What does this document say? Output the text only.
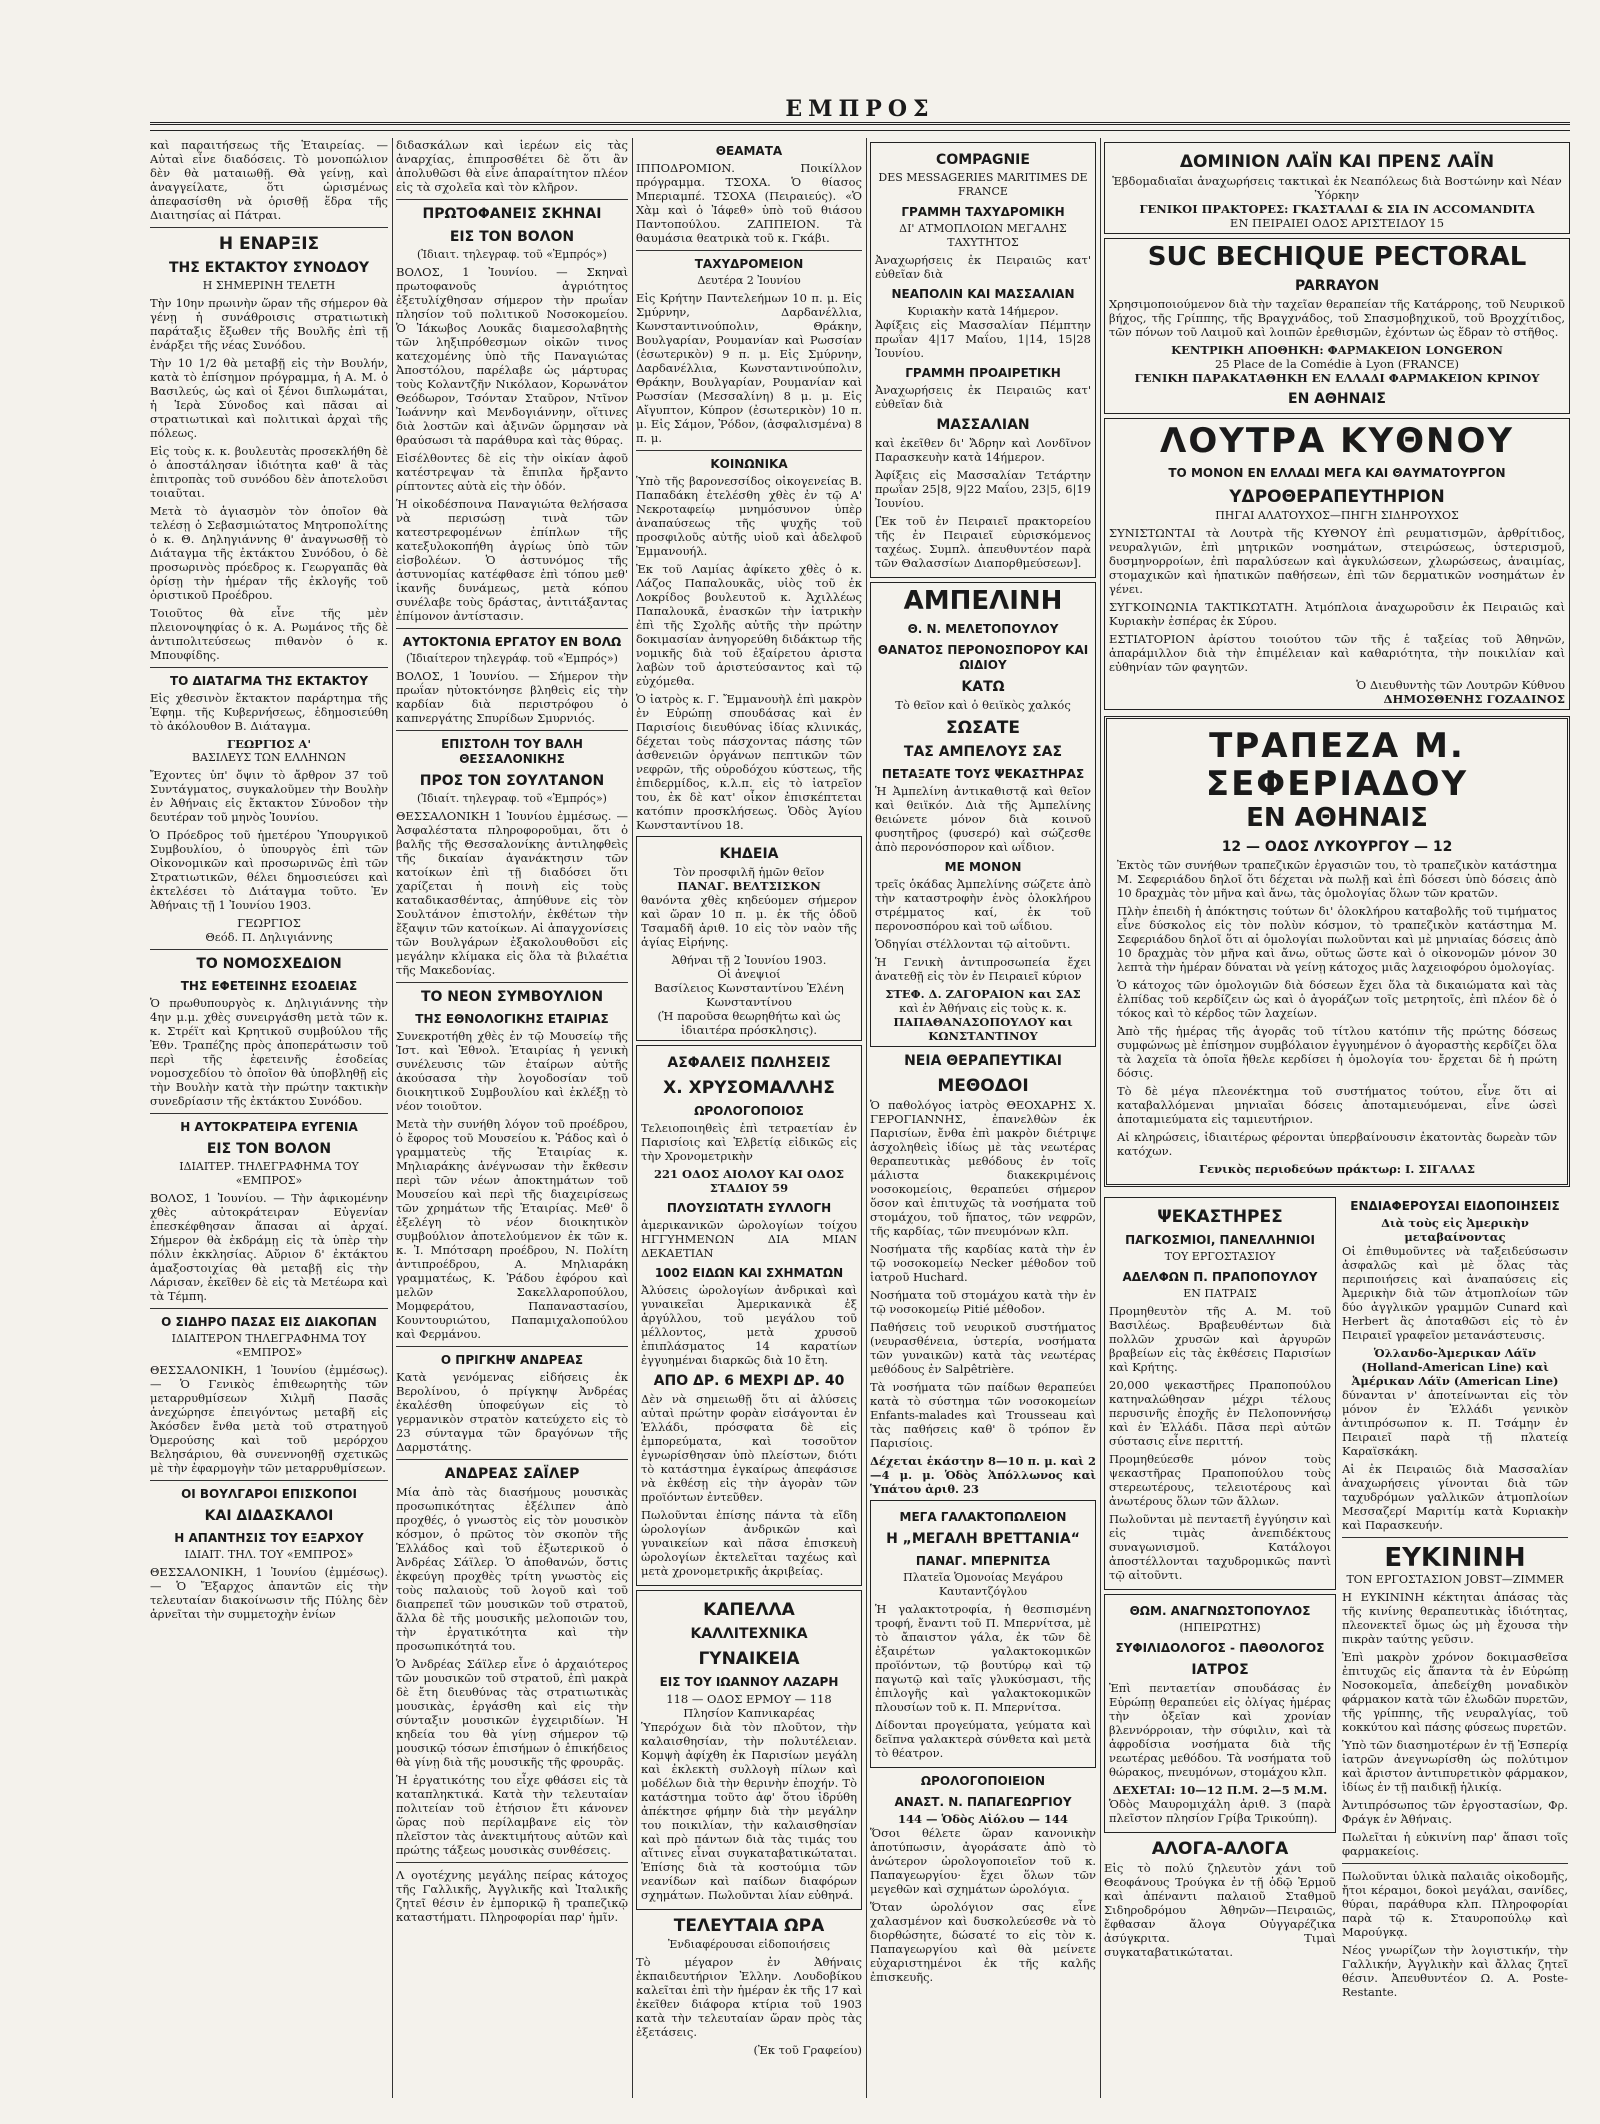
ΕΜΠΡΟΣ

καὶ παραιτήσεως τῆς Ἑταιρείας. — Αὐταὶ εἶνε διαδόσεις. Τὸ μονοπώλιον δὲν θὰ ματαιωθῇ. Θὰ γείνῃ, καὶ ἀναγγείλατε, ὅτι ὡρισμένως ἀπεφασίσθη νὰ ὁρισθῇ ἕδρα τῆς Διαιτησίας αἱ Πάτραι.

Η ΕΝΑΡΞΙΣ
ΤΗΣ ΕΚΤΑΚΤΟΥ ΣΥΝΟΔΟΥ
Η ΣΗΜΕΡΙΝΗ ΤΕΛΕΤΗ

Τὴν 10ην πρωινὴν ὥραν τῆς σήμερον θὰ γένῃ ἡ συνάθροισις στρατιωτικὴ παράταξις ἔξωθεν τῆς Βουλῆς ἐπὶ τῇ ἐνάρξει τῆς νέας Συνόδου.

Τὴν 10 1/2 θὰ μεταβῇ εἰς τὴν Βουλήν, κατὰ τὸ ἐπίσημον πρόγραμμα, ἡ Α. Μ. ὁ Βασιλεύς, ὡς καὶ οἱ ξένοι διπλωμάται, ἡ Ἱερὰ Σύνοδος καὶ πᾶσαι αἱ στρατιωτικαὶ καὶ πολιτικαὶ ἀρχαὶ τῆς πόλεως.

Εἰς τοὺς κ. κ. βουλευτὰς προσεκλήθη δὲ ὁ ἀποστάλησαν ἰδιότητα καθ' ἃ τὰς ἐπιτροπὰς τοῦ συνόδου δὲν ἀποτελοῦσι τοιαῦται.

Μετὰ τὸ ἁγιασμὸν τὸν ὁποῖον θὰ τελέσῃ ὁ Σεβασμιώτατος Μητροπολίτης ὁ κ. Θ. Δηληγιάννης θ' ἀναγνωσθῇ τὸ Διάταγμα τῆς ἐκτάκτου Συνόδου, ὁ δὲ προσωρινὸς πρόεδρος κ. Γεωργαπᾶς θὰ ὁρίσῃ τὴν ἡμέραν τῆς ἐκλογῆς τοῦ ὁριστικοῦ Προέδρου.

Τοιοῦτος θὰ εἶνε τῆς μὲν πλειονοψηφίας ὁ κ. Α. Ρωμάνος τῆς δὲ ἀντιπολιτεύσεως πιθανὸν ὁ κ. Μπουφίδης.

ΤΟ ΔΙΑΤΑΓΜΑ ΤΗΣ ΕΚΤΑΚΤΟΥ

Εἰς χθεσινὸν ἔκτακτον παράρτημα τῆς Ἐφημ. τῆς Κυβερνήσεως, ἐδημοσιεύθη τὸ ἀκόλουθον Β. Διάταγμα.

ΓΕΩΡΓΙΟΣ Α'
ΒΑΣΙΛΕΥΣ ΤΩΝ ΕΛΛΗΝΩΝ

Ἔχοντες ὑπ' ὄψιν τὸ ἄρθρον 37 τοῦ Συντάγματος, συγκαλοῦμεν τὴν Βουλὴν ἐν Ἀθήναις εἰς ἔκτακτον Σύνοδον τὴν δευτέραν τοῦ μηνὸς Ἰουνίου.

Ὁ Πρόεδρος τοῦ ἡμετέρου Ὑπουργικοῦ Συμβουλίου, ὁ ὑπουργὸς ἐπὶ τῶν Οἰκονομικῶν καὶ προσωρινῶς ἐπὶ τῶν Στρατιωτικῶν, θέλει δημοσιεύσει καὶ ἐκτελέσει τὸ Διάταγμα τοῦτο. Ἐν Ἀθήναις τῇ 1 Ἰουνίου 1903.

ΓΕΩΡΓΙΟΣ
Θεόδ. Π. Δηλιγιάννης
ΤΟ ΝΟΜΟΣΧΕΔΙΟΝ
ΤΗΣ ΕΦΕΤΕΙΝΗΣ ΕΣΟΔΕΙΑΣ

Ὁ πρωθυπουργὸς κ. Δηλιγιάννης τὴν 4ην μ.μ. χθὲς συνειργάσθη μετὰ τῶν κ. κ. Στρέϊτ καὶ Κρητικοῦ συμβούλου τῆς Ἐθν. Τραπέζης πρὸς ἀποπεράτωσιν τοῦ περὶ τῆς ἐφετεινῆς ἐσοδείας νομοσχεδίου τὸ ὁποῖον θὰ ὑποβληθῇ εἰς τὴν Βουλὴν κατὰ τὴν πρώτην τακτικὴν συνεδρίασιν τῆς ἐκτάκτου Συνόδου.

Η ΑΥΤΟΚΡΑΤΕΙΡΑ ΕΥΓΕΝΙΑ
ΕΙΣ ΤΟΝ ΒΟΛΟΝ
ΙΔΙΑΙΤΕΡ. ΤΗΛΕΓΡΑΦΗΜΑ ΤΟΥ «ΕΜΠΡΟΣ»

ΒΟΛΟΣ, 1 Ἰουνίου. — Τὴν ἀφικομένην χθὲς αὐτοκράτειραν Εὐγενίαν ἐπεσκέφθησαν ἅπασαι αἱ ἀρχαί. Σήμερον θὰ ἐκδράμῃ εἰς τὰ ὑπὲρ τὴν πόλιν ἐκκλησίας. Αὔριον δ' ἐκτάκτου ἁμαξοστοιχίας θὰ μεταβῇ εἰς τὴν Λάρισαν, ἐκεῖθεν δὲ εἰς τὰ Μετέωρα καὶ τὰ Τέμπη.

Ο ΣΙΔΗΡΟ ΠΑΣΑΣ ΕΙΣ ΔΙΑΚΟΠΑΝ
ΙΔΙΑΙΤΕΡΟΝ ΤΗΛΕΓΡΑΦΗΜΑ ΤΟΥ «ΕΜΠΡΟΣ»

ΘΕΣΣΑΛΟΝΙΚΗ, 1 Ἰουνίου (ἐμμέσως). — Ὁ Γενικὸς ἐπιθεωρητὴς τῶν μεταρρυθμίσεων Χιλμῆ Πασᾶς ἀνεχώρησε ἐπειγόντως μεταβῆ εἰς Ἀκόσδεν ἔνθα μετὰ τοῦ στρατηγοῦ Ὀμερούσης καὶ τοῦ μερόρχου Βελησάριου, θὰ συνεννοηθῇ σχετικῶς μὲ τὴν ἐφαρμογὴν τῶν μεταρρυθμίσεων.

ΟΙ ΒΟΥΛΓΑΡΟΙ ΕΠΙΣΚΟΠΟΙ
ΚΑΙ ΔΙΔΑΣΚΑΛΟΙ
Η ΑΠΑΝΤΗΣΙΣ ΤΟΥ ΕΞΑΡΧΟΥ
ΙΔΙΑΙΤ. ΤΗΛ. ΤΟΥ «ΕΜΠΡΟΣ»

ΘΕΣΣΑΛΟΝΙΚΗ, 1 Ἰουνίου (ἐμμέσως). — Ὁ Ἔξαρχος ἀπαντῶν εἰς τὴν τελευταίαν διακοίνωσιν τῆς Πύλης δὲν ἀρνεῖται τὴν συμμετοχὴν ἐνίων

διδασκάλων καὶ ἱερέων εἰς τὰς ἀναρχίας, ἐπιπροσθέτει δὲ ὅτι ἂν ἀπολυθῶσι θὰ εἶνε ἀπαραίτητον πλέον εἰς τὰ σχολεῖα καὶ τὸν κλῆρον.

ΠΡΩΤΟΦΑΝΕΙΣ ΣΚΗΝΑΙ
ΕΙΣ ΤΟΝ ΒΟΛΟΝ
(Ἰδιαιτ. τηλεγραφ. τοῦ «Ἐμπρός»)

ΒΟΛΟΣ, 1 Ἰουνίου. — Σκηναὶ πρωτοφανοῦς ἀγριότητος ἐξετυλίχθησαν σήμερον τὴν πρωΐαν πλησίον τοῦ πολιτικοῦ Νοσοκομείου. Ὁ Ἰάκωβος Λουκᾶς διαμεσολαβητὴς τῶν ληξιπρόθεσμων οἰκῶν τινος κατεχομένης ὑπὸ τῆς Παναγιώτας Ἀποστόλου, παρέλαβε ὡς μάρτυρας τοὺς Κολαντζῆν Νικόλαον, Κορωνάτον Θεόδωρον, Τσόνταν Σταῦρον, Ντῖνον Ἰωάννην καὶ Μενδογιάννην, οἵτινες διὰ λοστῶν καὶ ἀξινῶν ὥρμησαν νὰ θραύσωσι τὰ παράθυρα καὶ τὰς θύρας.

Εἰσέλθοντες δὲ εἰς τὴν οἰκίαν ἀφοῦ κατέστρεψαν τὰ ἔπιπλα ἤρξαντο ρίπτοντες αὐτὰ εἰς τὴν ὁδόν.

Ἡ οἰκοδέσποινα Παναγιώτα θελήσασα νὰ περισώσῃ τινὰ τῶν κατεστρεφομένων ἐπίπλων τῆς κατεξυλοκοπήθη ἀγρίως ὑπὸ τῶν εἰσβολέων. Ὁ ἀστυνόμος τῆς ἀστυνομίας κατέφθασε ἐπὶ τόπου μεθ' ἱκανῆς δυνάμεως, μετὰ κόπου συνέλαβε τοὺς δράστας, ἀντιτάξαντας ἐπίμονον ἀντίστασιν.

ΑΥΤΟΚΤΟΝΙΑ ΕΡΓΑΤΟΥ ΕΝ ΒΟΛΩ
(Ἰδιαίτερον τηλεγράφ. τοῦ «Ἐμπρός»)

ΒΟΛΟΣ, 1 Ἰουνίου. — Σήμερον τὴν πρωΐαν ηὐτοκτόνησε βληθεὶς εἰς τὴν καρδίαν διὰ περιστρόφου ὁ καπνεργάτης Σπυρίδων Σμυρνιός.

ΕΠΙΣΤΟΛΗ ΤΟΥ ΒΑΛΗ ΘΕΣΣΑΛΟΝΙΚΗΣ
ΠΡΟΣ ΤΟΝ ΣΟΥΛΤΑΝΟΝ
(Ἰδιαίτ. τηλεγραφ. τοῦ «Ἐμπρός»)

ΘΕΣΣΑΛΟΝΙΚΗ 1 Ἰουνίου ἐμμέσως. — Ἀσφαλέστατα πληροφοροῦμαι, ὅτι ὁ βαλῆς τῆς Θεσσαλονίκης ἀντιληφθεὶς τῆς δικαίαν ἀγανάκτησιν τῶν κατοίκων ἐπὶ τῇ διαδόσει ὅτι χαρίζεται ἡ ποινὴ εἰς τοὺς καταδικασθέντας, ἀπηύθυνε εἰς τὸν Σουλτάνον ἐπιστολήν, ἐκθέτων τὴν ἔξαψιν τῶν κατοίκων. Αἱ ἀπαγχονίσεις τῶν Βουλγάρων ἐξακολουθοῦσι εἰς μεγάλην κλίμακα εἰς ὅλα τὰ βιλαέτια τῆς Μακεδονίας.

ΤΟ ΝΕΟΝ ΣΥΜΒΟΥΛΙΟΝ
ΤΗΣ ΕΘΝΟΛΟΓΙΚΗΣ ΕΤΑΙΡΙΑΣ

Συνεκροτήθη χθὲς ἐν τῷ Μουσείῳ τῆς Ἱστ. καὶ Ἐθνολ. Ἑταιρίας ἡ γενικὴ συνέλευσις τῶν ἑταίρων αὐτῆς ἀκούσασα τὴν λογοδοσίαν τοῦ διοικητικοῦ Συμβουλίου καὶ ἐκλέξῃ τὸ νέον τοιοῦτον.

Μετὰ τὴν συνήθη λόγον τοῦ προέδρου, ὁ ἔφορος τοῦ Μουσείου κ. Ῥάδος καὶ ὁ γραμματεὺς τῆς Ἑταιρίας κ. Μηλιαράκης ἀνέγνωσαν τὴν ἔκθεσιν περὶ τῶν νέων ἀποκτημάτων τοῦ Μουσείου καὶ περὶ τῆς διαχειρίσεως τῶν χρημάτων τῆς Ἑταιρίας. Μεθ' ὃ ἐξελέγη τὸ νέον διοικητικὸν συμβούλιον ἀποτελούμενον ἐκ τῶν κ. κ. Ἰ. Μπότσαρη προέδρου, Ν. Πολίτη ἀντιπροέδρου, Α. Μηλιαράκη γραμματέως, Κ. Ῥάδου ἐφόρου καὶ μελῶν Σακελλαροπούλου, Μομφεράτου, Παπαναστασίου, Κουντουριώτου, Παπαμιχαλοπούλου καὶ Φερμάνου.

Ο ΠΡΙΓΚΗΨ ΑΝΔΡΕΑΣ

Κατὰ γενόμενας εἰδήσεις ἐκ Βερολίνου, ὁ πρίγκηψ Ἀνδρέας ἐκαλέσθη ὑποφεύγων εἰς τὸ γερμανικὸν στρατὸν κατεύχετο εἰς τὸ 23 σύνταγμα τῶν δραγόνων τῆς Δαρμστάτης.

ΑΝΔΡΕΑΣ ΣΑΪΛΕΡ

Μία ἀπὸ τὰς διασήμους μουσικὰς προσωπικότητας ἐξέλιπεν ἀπὸ προχθές, ὁ γνωστὸς εἰς τὸν μουσικὸν κόσμον, ὁ πρῶτος τὸν σκοπὸν τῆς Ἑλλάδος καὶ τοῦ ἐξωτερικοῦ ὁ Ἀνδρέας Σάϊλερ. Ὁ ἀποθανών, ὅστις ἐκφεύγη προχθὲς τρίτη γνωστὸς εἰς τοὺς παλαιοὺς τοῦ λογοῦ καὶ τοῦ διαπρεπεῖ τῶν μουσικῶν τοῦ στρατοῦ, ἄλλα δὲ τῆς μουσικῆς μελοποιῶν του, τὴν ἐργατικότητα καὶ τὴν προσωπικότητά του.

Ὁ Ἀνδρέας Σάϊλερ εἶνε ὁ ἀρχαιότερος τῶν μουσικῶν τοῦ στρατοῦ, ἐπὶ μακρὰ δὲ ἔτη διευθύνας τὰς στρατιωτικὰς μουσικὰς, ἐργάσθη καὶ εἰς τὴν σύνταξιν μουσικῶν ἐγχειριδίων. Ἡ κηδεία του θὰ γίνῃ σήμερον τῷ μουσικῷ τόσων ἐπισήμων ὁ ἐπικήδειος θὰ γίνῃ διὰ τῆς μουσικῆς τῆς φρουρᾶς.

Ἡ ἐργατικότης του εἶχε φθάσει εἰς τὰ καταπληκτικά. Κατὰ τὴν τελευταίαν πολιτείαν τοῦ ἐτήσιον ἔτι κάνονεν ὥρας ποὺ περίλαμβανε εἰς τὸν πλεῖστον τὰς ἀνεκτιμήτους αὐτῶν καὶ πρώτης τάξεως μουσικὰς συνθέσεις.

Λ ογοτέχνης μεγάλης πείρας κάτοχος τῆς Γαλλικῆς, Ἀγγλικῆς καὶ Ἰταλικῆς ζητεῖ θέσιν ἐν ἐμπορικῷ ἢ τραπεζικῷ καταστήματι. Πληροφορίαι παρ' ἡμῖν.

ΘΕΑΜΑΤΑ

ΙΠΠΟΔΡΟΜΙΟΝ. Ποικίλλον πρόγραμμα. ΤΣΟΧΑ. Ὁ θίασος Μπεριαμπέ. ΤΣΟΧΑ (Πειραιεύς). «Ὁ Χὰμ καὶ ὁ Ἰάφεθ» ὑπὸ τοῦ θιάσου Παντοπούλου. ΖΑΠΠΕΙΟΝ. Τὰ θαυμάσια θεατρικὰ τοῦ κ. Γκάβι.

ΤΑΧΥΔΡΟΜΕΙΟΝ
Δευτέρα 2 Ἰουνίου

Εἰς Κρήτην Παντελεήμων 10 π. μ. Εἰς Σμύρνην, Δαρδανέλλια, Κωνσταντινούπολιν, Θράκην, Βουλγαρίαν, Ρουμανίαν καὶ Ρωσσίαν (ἐσωτερικὸν) 9 π. μ. Εἰς Σμύρνην, Δαρδανέλλια, Κωνσταντινούπολιν, Θράκην, Βουλγαρίαν, Ρουμανίαν καὶ Ρωσσίαν (Μεσσαλίνη) 8 μ. μ. Εἰς Αἴγυπτον, Κύπρον (ἐσωτερικὸν) 10 π. μ. Εἰς Σάμον, Ῥόδον, (ἀσφαλισμένα) 8 π. μ.

ΚΟΙΝΩΝΙΚΑ

Ὑπὸ τῆς βαρονεσσίδος οἰκογενείας Β. Παπαδάκη ἐτελέσθη χθὲς ἐν τῷ Α' Νεκροταφείῳ μνημόσυνον ὑπὲρ ἀναπαύσεως τῆς ψυχῆς τοῦ προσφιλοῦς αὐτῆς υἱοῦ καὶ ἀδελφοῦ Ἐμμανουήλ.

Ἐκ τοῦ Λαμίας ἀφίκετο χθὲς ὁ κ. Λάζος Παπαλουκᾶς, υἱὸς τοῦ ἐκ Λοκρίδος βουλευτοῦ κ. Ἀχιλλέως Παπαλουκᾶ, ἐνασκῶν τὴν ἰατρικὴν ἐπὶ τῆς Σχολῆς αὐτῆς τὴν πρώτην δοκιμασίαν ἀνηγορεύθη διδάκτωρ τῆς νομικῆς διὰ τοῦ ἐξαίρετου ἀριστα λαβὼν τοῦ ἀριστεύσαντος καὶ τῷ εὐχόμεθα.

Ὁ ἰατρὸς κ. Γ. Ἔμμανουὴλ ἐπὶ μακρὸν ἐν Εὐρώπῃ σπουδάσας καὶ ἐν Παρισίοις διευθύνας ἰδίας κλινικάς, δέχεται τοὺς πάσχοντας πάσης τῶν ἀσθενειῶν ὀργάνων πεπτικῶν τῶν νεφρῶν, τῆς οὐροδόχου κύστεως, τῆς ἐπιδερμίδος, κ.λ.π. εἰς τὸ ἰατρεῖον του, ἐκ δὲ κατ' οἶκον ἐπισκέπτεται κατόπιν προσκλήσεως. Ὁδὸς Ἁγίου Κωνσταντίνου 18.

ΚΗΔΕΙΑ
Τὸν προσφιλῆ ἡμῶν θεῖον
ΠΑΝΑΓ. ΒΕΛΤΣΙΣΚΟΝ

θανόντα χθὲς κηδεύομεν σήμερον καὶ ὥραν 10 π. μ. ἐκ τῆς ὁδοῦ Τσαμαδῆ ἀριθ. 10 εἰς τὸν ναὸν τῆς ἁγίας Εἰρήνης.

Ἀθήναι τῇ 2 Ἰουνίου 1903.
Οἱ ἀνεψιοί
Βασίλειος Κωνσταντίνου Ἑλένη Κωνσταντίνου
(Ἡ παροῦσα θεωρηθήτω καὶ ὡς ἰδιαιτέρα πρόσκλησις).
ΑΣΦΑΛΕΙΣ ΠΩΛΗΣΕΙΣ
Χ. ΧΡΥΣΟΜΑΛΛΗΣ
ΩΡΟΛΟΓΟΠΟΙΟΣ

Τελειοποιηθεὶς ἐπὶ τετραετίαν ἐν Παρισίοις καὶ Ἑλβετίᾳ εἰδικῶς εἰς τὴν Χρονομετρικὴν

221 ΟΔΟΣ ΑΙΟΛΟΥ ΚΑΙ ΟΔΟΣ ΣΤΑΔΙΟΥ 59
ΠΛΟΥΣΙΩΤΑΤΗ ΣΥΛΛΟΓΗ

ἀμερικανικῶν ὡρολογίων τοίχου ΗΓΓΥΗΜΕΝΩΝ ΔΙΑ ΜΙΑΝ ΔΕΚΑΕΤΙΑΝ

1002 ΕΙΔΩΝ ΚΑΙ ΣΧΗΜΑΤΩΝ

Ἀλύσεις ὡρολογίων ἀνδρικαὶ καὶ γυναικεῖαι Ἀμερικανικὰ ἐξ ἀργύλλου, τοῦ μεγάλου τοῦ μέλλοντος, μετὰ χρυσοῦ ἐπιπλάσματος 14 καρατίων ἐγγυημέναι διαρκῶς διὰ 10 ἔτη.

ΑΠΟ ΔΡ. 6 ΜΕΧΡΙ ΔΡ. 40

Δὲν νὰ σημειωθῇ ὅτι αἱ ἀλύσεις αὐταὶ πρώτην φορὰν εἰσάγονται ἐν Ἑλλάδι, πρόσφατα δὲ εἰς ἐμπορεύματα, καὶ τοσοῦτον ἐγνωρίσθησαν ὑπὸ πλείστων, διότι τὸ κατάστημα ἐγκαίρως ἀπεφάσισε νὰ ἐκθέσῃ εἰς τὴν ἀγορὰν τῶν προϊόντων ἐντεῦθεν.

Πωλοῦνται ἐπίσης πάντα τὰ εἴδη ὡρολογίων ἀνδρικῶν καὶ γυναικείων καὶ πᾶσα ἐπισκευὴ ὡρολογίων ἐκτελεῖται ταχέως καὶ μετὰ χρονομετρικῆς ἀκριβείας.

ΚΑΠΕΛΛΑ
ΚΑΛΛΙΤΕΧΝΙΚΑ
ΓΥΝΑΙΚΕΙΑ
ΕΙΣ ΤΟΥ ΙΩΑΝΝΟΥ ΛΑΖΑΡΗ
118 — ΟΔΟΣ ΕΡΜΟΥ — 118
Πλησίον Καπνικαρέας

Ὑπερόχων διὰ τὸν πλοῦτον, τὴν καλαισθησίαν, τὴν πολυτέλειαν. Κομψὴ ἀφίχθη ἐκ Παρισίων μεγάλη καὶ ἐκλεκτὴ συλλογὴ πίλων καὶ μοδέλων διὰ τὴν θερινὴν ἐποχήν. Τὸ κατάστημα τοῦτο ἀφ' ὅτου ἱδρύθη ἀπέκτησε φήμην διὰ τὴν μεγάλην του ποικιλίαν, τὴν καλαισθησίαν καὶ πρὸ πάντων διὰ τὰς τιμάς του αἵτινες εἶναι συγκαταβατικώταται. Ἐπίσης διὰ τὰ κοστούμια τῶν νεανίδων καὶ παίδων διαφόρων σχημάτων. Πωλοῦνται λίαν εὐθηνά.

ΤΕΛΕΥΤΑΙΑ ΩΡΑ
Ἐνδιαφέρουσαι εἰδοποιήσεις

Τὸ μέγαρον ἐν Ἀθήναις ἐκπαιδευτήριον Ἑλλην. Λουδοβίκου καλεῖται ἐπὶ τὴν ἡμέραν ἐκ τῆς 17 καὶ ἐκεῖθεν διάφορα κτίρια τοῦ 1903 κατὰ τὴν τελευταίαν ὥραν πρὸς τὰς ἐξετάσεις.

(Ἐκ τοῦ Γραφείου)
COMPAGNIE
DES MESSAGERIES MARITIMES DE FRANCE
ΓΡΑΜΜΗ ΤΑΧΥΔΡΟΜΙΚΗ
ΔΙ' ΑΤΜΟΠΛΟΙΩΝ ΜΕΓΑΛΗΣ ΤΑΧΥΤΗΤΟΣ

Ἀναχωρήσεις ἐκ Πειραιῶς κατ' εὐθεῖαν διὰ

ΝΕΑΠΟΛΙΝ ΚΑΙ ΜΑΣΣΑΛΙΑΝ
Κυριακὴν κατὰ 14ήμερον.

Ἀφίξεις εἰς Μασσαλίαν Πέμπτην πρωΐαν 4|17 Μαΐου, 1|14, 15|28 Ἰουνίου.

ΓΡΑΜΜΗ ΠΡΟΑΙΡΕΤΙΚΗ

Ἀναχωρήσεις ἐκ Πειραιῶς κατ' εὐθεῖαν διὰ

ΜΑΣΣΑΛΙΑΝ

καὶ ἐκεῖθεν δι' Ἄδρην καὶ Λονδῖνον Παρασκευὴν κατὰ 14ήμερον.

Ἀφίξεις εἰς Μασσαλίαν Τετάρτην πρωΐαν 25|8, 9|22 Μαΐου, 23|5, 6|19 Ἰουνίου.

[Ἐκ τοῦ ἐν Πειραιεῖ πρακτορείου τῆς ἐν Πειραιεῖ εὑρισκόμενος ταχέως. Συμπλ. ἀπευθυντέον παρὰ τῶν Θαλασσίων Διαπορθμεύσεων].

ΑΜΠΕΛΙΝΗ
Θ. Ν. ΜΕΛΕΤΟΠΟΥΛΟΥ
ΘΑΝΑΤΟΣ ΠΕΡΟΝΟΣΠΟΡΟΥ ΚΑΙ ΩΙΔΙΟΥ
ΚΑΤΩ
Τὸ θεῖον καὶ ὁ θειϊκὸς χαλκός
ΣΩΣΑΤΕ
ΤΑΣ ΑΜΠΕΛΟΥΣ ΣΑΣ
ΠΕΤΑΞΑΤΕ ΤΟΥΣ ΨΕΚΑΣΤΗΡΑΣ

Ἡ Ἀμπελίνη ἀντικαθιστᾷ καὶ θεῖον καὶ θειϊκόν. Διὰ τῆς Ἀμπελίνης θειώνετε μόνον διὰ κοινοῦ φυσητῆρος (φυσερό) καὶ σώζεσθε ἀπὸ περονόσπορον καὶ ωΐδιον.

ΜΕ ΜΟΝΟΝ

τρεῖς ὁκάδας Ἀμπελίνης σώζετε ἀπὸ τὴν καταστροφὴν ἑνὸς ὁλοκλήρου στρέμματος καί, ἐκ τοῦ περονοσπόρου καὶ τοῦ ωΐδιου.

Ὁδηγίαι στέλλονται τῷ αἰτοῦντι.

Ἡ Γενικὴ ἀντιπροσωπεία ἔχει ἀνατεθῇ εἰς τὸν ἐν Πειραιεῖ κύριον

ΣΤΕΦ. Δ. ΖΑΓΟΡΑΙΟΝ και ΣΑΣ
καὶ ἐν Ἀθήναις εἰς τοὺς κ. κ.
ΠΑΠΑΘΑΝΑΣΟΠΟΥΛΟΥ και ΚΩΝΣΤΑΝΤΙΝΟΥ
ΝΕΙΑ ΘΕΡΑΠΕΥΤΙΚΑΙ
ΜΕΘΟΔΟΙ

Ὁ παθολόγος ἰατρὸς ΘΕΟΧΑΡΗΣ Χ. ΓΕΡΟΓΙΑΝΝΗΣ, ἐπανελθὼν ἐκ Παρισίων, ἔνθα ἐπὶ μακρὸν διέτριψε ἀσχοληθεὶς ἰδίως μὲ τὰς νεωτέρας θεραπευτικὰς μεθόδους ἐν τοῖς μάλιστα διακεκριμένοις νοσοκομείοις, θεραπεύει σήμερον ὅσον καὶ ἐπιτυχῶς τὰ νοσήματα τοῦ στομάχου, τοῦ ἥπατος, τῶν νεφρῶν, τῆς καρδίας, τῶν πνευμόνων κλπ.

Νοσήματα τῆς καρδίας κατὰ τὴν ἐν τῷ νοσοκομείῳ Necker μέθοδον τοῦ ἰατροῦ Huchard.

Νοσήματα τοῦ στομάχου κατὰ τὴν ἐν τῷ νοσοκομείῳ Pitié μέθοδον.

Παθήσεις τοῦ νευρικοῦ συστήματος (νευρασθένεια, ὑστερία, νοσήματα τῶν γυναικῶν) κατὰ τὰς νεωτέρας μεθόδους ἐν Salpêtrière.

Τὰ νοσήματα τῶν παίδων θεραπεύει κατὰ τὸ σύστημα τῶν νοσοκομείων Enfants-malades καὶ Trousseau καὶ τὰς παθήσεις καθ' ὃ τρόπον ἔν Παρισίοις.

Δέχεται ἑκάστην 8—10 π. μ. καὶ 2—4 μ. μ. Ὁδὸς Ἀπόλλωνος καὶ Ὑπάτου ἀριθ. 23

ΜΕΓΑ ΓΑΛΑΚΤΟΠΩΛΕΙΟΝ
Η „ΜΕΓΑΛΗ ΒΡΕΤΤΑΝΙΑ“
ΠΑΝΑΓ. ΜΠΕΡΝΙΤΣΑ
Πλατεῖα Ὁμονοίας Μεγάρου Καυταντζόγλου

Ἡ γαλακτοτροφία, ἡ θεσπισμένη τροφή, ἔναντι τοῦ Π. Μπερνίτσα, μὲ τὸ ἄπαιστον γάλα, ἐκ τῶν δὲ ἐξαιρέτων γαλακτοκομικῶν προϊόντων, τῷ βουτύρῳ καὶ τῷ παγωτῷ καὶ ταῖς γλυκύσμασι, τῆς ἐπιλογῆς καὶ γαλακτοκομικῶν πλουσίων τοῦ κ. Π. Μπερνίτσα.

Δίδονται προγεύματα, γεύματα καὶ δεῖπνα γαλακτερὰ σύνθετα καὶ μετὰ τὸ θέατρον.

ΩΡΟΛΟΓΟΠΟΙΕΙΟΝ
ΑΝΑΣΤ. Ν. ΠΑΠΑΓΕΩΡΓΙΟΥ
144 — Ὁδὸς Αἰόλου — 144

Ὅσοι θέλετε ὥραν κανονικὴν ἀποτύπωσιν, ἀγοράσατε ἀπὸ τὸ ἀνώτερον ὡρολογοποιεῖον τοῦ κ. Παπαγεωργίου· ἔχει ὅλων τῶν μεγεθῶν καὶ σχημάτων ὡρολόγια.

Ὅταν ὡρολόγιον σας εἶνε χαλασμένον καὶ δυσκολεύεσθε νὰ τὸ διορθώσητε, δώσατέ το εἰς τὸν κ. Παπαγεωργίου καὶ θὰ μείνετε εὐχαριστημένοι ἐκ τῆς καλῆς ἐπισκευῆς.

ΔΟΜΙΝΙΟΝ ΛΑΪΝ ΚΑΙ ΠΡΕΝΣ ΛΑΪΝ
Ἑβδομαδιαῖαι ἀναχωρήσεις τακτικαὶ ἐκ Νεαπόλεως διὰ Βοστώνην καὶ Νέαν Ὑόρκην
ΓΕΝΙΚΟΙ ΠΡΑΚΤΟΡΕΣ: ΓΚΑΣΤΑΛΔΙ & ΣΙΑ ΙΝ ACCOMANDITA
ΕΝ ΠΕΙΡΑΙΕΙ ΟΔΟΣ ΑΡΙΣΤΕΙΔΟΥ 15
SUC BECHIQUE PECTORAL
PARRAYON

Χρησιμοποιούμενον διὰ τὴν ταχεῖαν θεραπείαν τῆς Κατάρροης, τοῦ Νευρικοῦ βήχος, τῆς Γρίππης, τῆς Βραγχνάδος, τοῦ Σπασμοβηχικοῦ, τοῦ Βροχχίτιδος, τῶν πόνων τοῦ Λαιμοῦ καὶ λοιπῶν ἐρεθισμῶν, ἐχόντων ὡς ἕδραν τὸ στῆθος.

ΚΕΝΤΡΙΚΗ ΑΠΟΘΗΚΗ: ΦΑΡΜΑΚΕΙΟΝ LONGERON
25 Place de la Comédie à Lyon (FRANCE)
ΓΕΝΙΚΗ ΠΑΡΑΚΑΤΑΘΗΚΗ ΕΝ ΕΛΛΑΔΙ ΦΑΡΜΑΚΕΙΟΝ ΚΡΙΝΟΥ
ΕΝ ΑΘΗΝΑΙΣ
ΛΟΥΤΡΑ ΚΥΘΝΟΥ
ΤΟ ΜΟΝΟΝ ΕΝ ΕΛΛΑΔΙ ΜΕΓΑ ΚΑΙ ΘΑΥΜΑΤΟΥΡΓΟΝ
ΥΔΡΟΘΕΡΑΠΕΥΤΗΡΙΟΝ
ΠΗΓΑΙ ΑΛΑΤΟΥΧΟΣ—ΠΗΓΗ ΣΙΔΗΡΟΥΧΟΣ

ΣΥΝΙΣΤΩΝΤΑΙ τὰ Λουτρὰ τῆς ΚΥΘΝΟΥ ἐπὶ ρευματισμῶν, ἀρθρίτιδος, νευραλγιῶν, ἐπὶ μητρικῶν νοσημάτων, στειρώσεως, ὑστερισμοῦ, δυσμηνορροίων, ἐπὶ παραλύσεων καὶ ἀγκυλώσεων, χλωρώσεως, ἀναιμίας, στομαχικῶν καὶ ἡπατικῶν παθήσεων, ἐπὶ τῶν δερματικῶν νοσημάτων ἐν γένει.

ΣΥΓΚΟΙΝΩΝΙΑ ΤΑΚΤΙΚΩΤΑΤΗ. Ἀτμόπλοια ἀναχωροῦσιν ἐκ Πειραιῶς καὶ Κυριακὴν ἑσπέρας ἐκ Σύρου.

ΕΣΤΙΑΤΟΡΙΟΝ ἀρίστου τοιούτου τῶν τῆς ἑ ταξείας τοῦ Ἀθηνῶν, ἀπαράμιλλον διὰ τὴν ἐπιμέλειαν καὶ καθαριότητα, τὴν ποικιλίαν καὶ εὐθηνίαν τῶν φαγητῶν.

Ὁ Διευθυντὴς τῶν Λουτρῶν Κύθνου
ΔΗΜΟΣΘΕΝΗΣ ΓΟΖΑΔΙΝΟΣ
ΤΡΑΠΕΖΑ Μ. ΣΕΦΕΡΙΑΔΟΥ
ΕΝ ΑΘΗΝΑΙΣ
12 — ΟΔΟΣ ΛΥΚΟΥΡΓΟΥ — 12

Ἐκτὸς τῶν συνήθων τραπεζικῶν ἐργασιῶν του, τὸ τραπεζικὸν κατάστημα Μ. Σεφεριάδου δηλοῖ ὅτι δέχεται νὰ πωλῇ καὶ ἐπὶ δόσεσι ὑπὸ δόσεις ἀπὸ 10 δραχμὰς τὸν μῆνα καὶ ἄνω, τὰς ὁμολογίας ὅλων τῶν κρατῶν.

Πλὴν ἐπειδὴ ἡ ἀπόκτησις τούτων δι' ὁλοκλήρου καταβολῆς τοῦ τιμήματος εἶνε δύσκολος εἰς τὸν πολὺν κόσμον, τὸ τραπεζικὸν κατάστημα Μ. Σεφεριάδου δηλοῖ ὅτι αἱ ὁμολογίαι πωλοῦνται καὶ μὲ μηνιαίας δόσεις ἀπὸ 10 δραχμὰς τὸν μῆνα καὶ ἄνω, οὕτως ὥστε καὶ ὁ οἰκονομῶν μόνον 30 λεπτὰ τὴν ἡμέραν δύναται νὰ γείνῃ κάτοχος μιᾶς λαχειοφόρου ὁμολογίας.

Ὁ κάτοχος τῶν ὁμολογιῶν διὰ δόσεων ἔχει ὅλα τὰ δικαιώματα καὶ τὰς ἐλπίδας τοῦ κερδίζειν ὡς καὶ ὁ ἀγοράζων τοῖς μετρητοῖς, ἐπὶ πλέον δὲ ὁ τόκος καὶ τὸ κέρδος τῶν λαχείων.

Ἀπὸ τῆς ἡμέρας τῆς ἀγορᾶς τοῦ τίτλου κατόπιν τῆς πρώτης δόσεως συμφώνως μὲ ἐπίσημον συμβόλαιον ἐγγυημένον ὁ ἀγοραστὴς κερδίζει ὅλα τὰ λαχεῖα τὰ ὁποῖα ἤθελε κερδίσει ἡ ὁμολογία του· ἔρχεται δὲ ἡ πρώτη δόσις.

Τὸ δὲ μέγα πλεονέκτημα τοῦ συστήματος τούτου, εἶνε ὅτι αἱ καταβαλλόμεναι μηνιαῖαι δόσεις ἀποταμιευόμεναι, εἶνε ὡσεὶ ἀποταμιεύματα εἰς ταμιευτήριον.

Αἱ κληρώσεις, ἰδιαιτέρως φέρονται ὑπερβαίνουσιν ἐκατοντὰς δωρεὰν τῶν κατόχων.

Γενικὸς περιοδεύων πράκτωρ: Ι. ΣΙΓΑΛΑΣ
ΨΕΚΑΣΤΗΡΕΣ
ΠΑΓΚΟΣΜΙΟΙ, ΠΑΝΕΛΛΗΝΙΟΙ
ΤΟΥ ΕΡΓΟΣΤΑΣΙΟΥ
ΑΔΕΛΦΩΝ Π. ΠΡΑΠΟΠΟΥΛΟΥ
ΕΝ ΠΑΤΡΑΙΣ

Προμηθευτὸν τῆς Α. Μ. τοῦ Βασιλέως. Βραβευθέντων διὰ πολλῶν χρυσῶν καὶ ἀργυρῶν βραβείων εἰς τὰς ἐκθέσεις Παρισίων καὶ Κρήτης.

20,000 ψεκαστῆρες Πραποπούλου κατηναλώθησαν μέχρι τέλους περυσινῆς ἐποχῆς ἐν Πελοποννήσῳ καὶ ἐν Ἑλλάδι. Πᾶσα περὶ αὐτῶν σύστασις εἶνε περιττή.

Προμηθεύεσθε μόνον τοὺς ψεκαστῆρας Πραποπούλου τοὺς στερεωτέρους, τελειοτέρους καὶ ἀνωτέρους ὅλων τῶν ἄλλων.

Πωλοῦνται μὲ πενταετῆ ἐγγύησιν καὶ εἰς τιμὰς ἀνεπιδέκτους συναγωνισμοῦ. Κατάλογοι ἀποστέλλονται ταχυδρομικῶς παντὶ τῷ αἰτοῦντι.

ΘΩΜ. ΑΝΑΓΝΩΣΤΟΠΟΥΛΟΣ
(ΗΠΕΙΡΩΤΗΣ)
ΣΥΦΙΛΙΔΟΛΟΓΟΣ - ΠΑΘΟΛΟΓΟΣ
ΙΑΤΡΟΣ

Ἐπὶ πενταετίαν σπουδάσας ἐν Εὐρώπῃ θεραπεύει εἰς ὀλίγας ἡμέρας τὴν ὀξεῖαν καὶ χρονίαν βλεννόρροιαν, τὴν σύφιλιν, καὶ τὰ ἀφροδίσια νοσήματα διὰ τῆς νεωτέρας μεθόδου. Τὰ νοσήματα τοῦ θώρακος, πνευμόνων, στομάχου κλπ.

ΔΕΧΕΤΑΙ: 10—12 Π.Μ. 2—5 Μ.Μ.

Ὁδὸς Μαυρομιχάλη ἀριθ. 3 (παρὰ πλεῖστον πλησίον Γρίβα Τρικούπη).

ΑΛΟΓΑ-ΑΛΟΓΑ

Εἰς τὸ πολύ ζηλευτὸν χάνι τοῦ Θεοφάνους Τρούγκα ἐν τῇ ὁδῷ Ἑρμοῦ καὶ ἀπέναντι παλαιοῦ Σταθμοῦ Σιδηροδρόμου Ἀθηνῶν—Πειραιῶς, ἔφθασαν ἄλογα Οὐγγαρέζικα ἀσύγκριτα. Τιμαὶ συγκαταβατικώταται.

ΕΝΔΙΑΦΕΡΟΥΣΑΙ ΕΙΔΟΠΟΙΗΣΕΙΣ
Διὰ τοὺς εἰς Ἀμερικὴν μεταβαίνοντας

Οἱ ἐπιθυμοῦντες νὰ ταξειδεύσωσιν ἀσφαλῶς καὶ μὲ ὅλας τὰς περιποιήσεις καὶ ἀναπαύσεις εἰς Ἀμερικὴν διὰ τῶν ἀτμοπλοίων τῶν δύο ἀγγλικῶν γραμμῶν Cunard καὶ Herbert ἂς ἀποταθῶσι εἰς τὸ ἐν Πειραιεῖ γραφεῖον μετανάστευσις.

Ὁλλανδο-Ἀμερικαν Λάϊν (Holland-American Line) καὶ Ἀμέρικαν Λάϊν (American Line)

δύνανται ν' ἀποτείνωνται εἰς τὸν μόνον ἐν Ἑλλάδι γενικὸν ἀντιπρόσωπον κ. Π. Τσάμην ἐν Πειραιεῖ παρὰ τῇ πλατείᾳ Καραϊσκάκη.

Αἱ ἐκ Πειραιῶς διὰ Μασσαλίαν ἀναχωρήσεις γίνονται διὰ τῶν ταχυδρόμων γαλλικῶν ἀτμοπλοίων Μεσσαζερί Μαριτίμ κατὰ Κυριακὴν καὶ Παρασκευήν.

ΕΥΚΙΝΙΝΗ
ΤΟΝ ΕΡΓΟΣΤΑΣΙΟΝ JOBST—ZIMMER

Η ΕΥΚΙΝΙΝΗ κέκτηται ἁπάσας τὰς τῆς κινίνης θεραπευτικὰς ἰδιότητας, πλεονεκτεῖ ὅμως ὡς μὴ ἔχουσα τὴν πικρὰν ταύτης γεῦσιν.

Ἐπὶ μακρὸν χρόνον δοκιμασθεῖσα ἐπιτυχῶς εἰς ἅπαντα τὰ ἐν Εὐρώπῃ Νοσοκομεῖα, ἀπεδείχθη μοναδικὸν φάρμακον κατὰ τῶν ἐλωδῶν πυρετῶν, τῆς γρίππης, τῆς νευραλγίας, τοῦ κοκκύτου καὶ πάσης φύσεως πυρετῶν.

Ὑπὸ τῶν διασημοτέρων ἐν τῇ Ἑσπερίᾳ ἰατρῶν ἀνεγνωρίσθη ὡς πολύτιμον καὶ ἄριστον ἀντιπυρετικὸν φάρμακον, ἰδίως ἐν τῇ παιδικῇ ἡλικίᾳ.

Ἀντιπρόσωπος τῶν ἐργοστασίων, Φρ. Φράγκ ἐν Ἀθήναις.

Πωλεῖται ἡ εὐκινίνη παρ' ἅπασι τοῖς φαρμακείοις.

Πωλοῦνται ὑλικὰ παλαιᾶς οἰκοδομῆς, ἤτοι κέραμοι, δοκοὶ μεγάλαι, σανίδες, θύραι, παράθυρα κλπ. Πληροφορίαι παρὰ τῷ κ. Σταυροπούλῳ καὶ Μαρούγκᾳ.

Νέος γνωρίζων τὴν λογιστικήν, τὴν Γαλλικήν, Ἀγγλικὴν καὶ ἄλλας ζητεῖ θέσιν. Ἀπευθυντέον Ω. Α. Poste-Restante.
